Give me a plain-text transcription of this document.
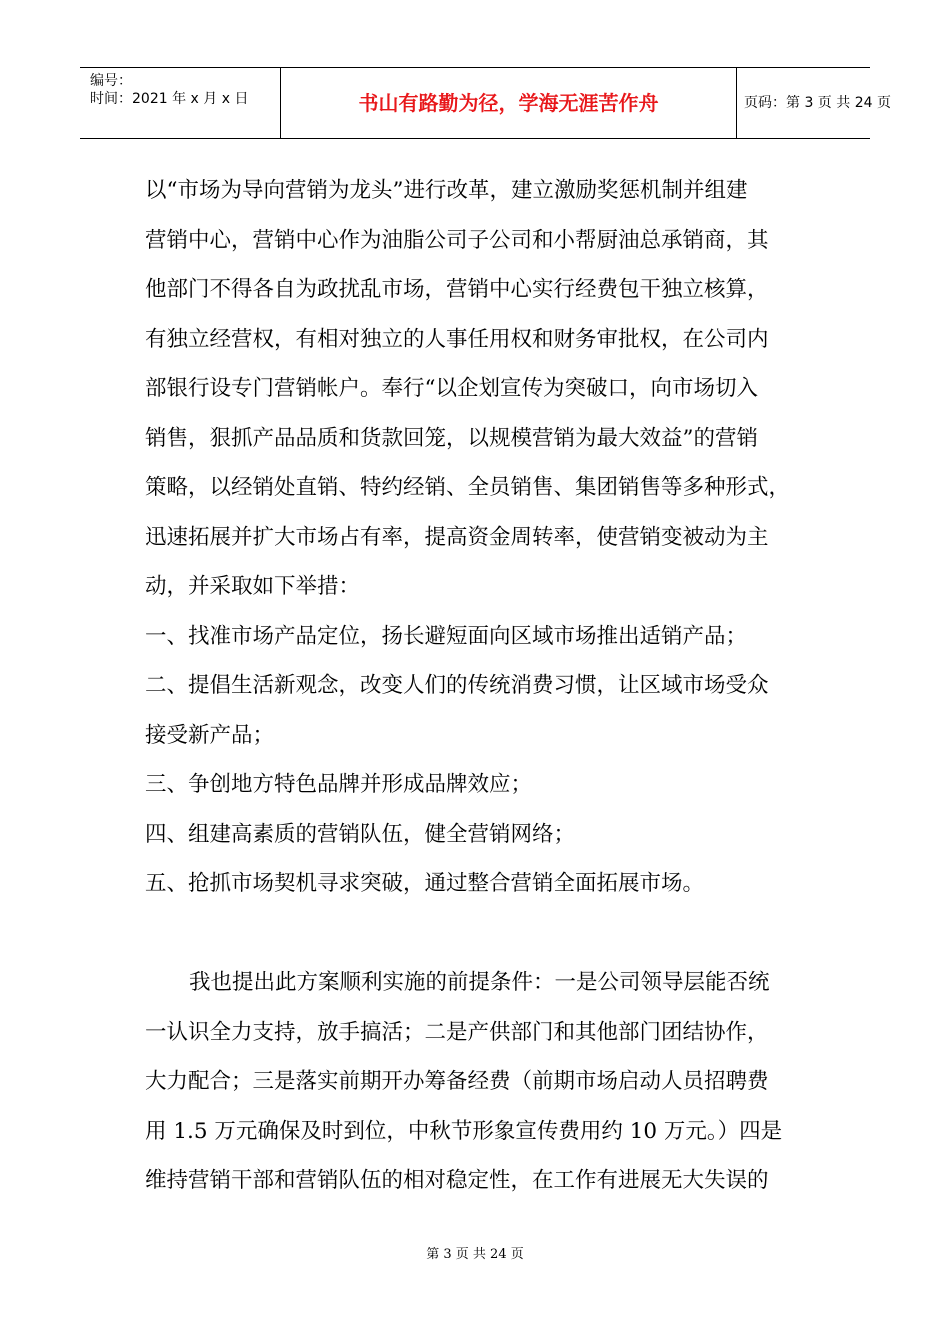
编号：
时间：2021 年 x 月 x 日	书山有路勤为径，学海无涯苦作舟	页码：第 3 页 共 24 页
以“市场为导向营销为龙头”进行改革，建立激励奖惩机制并组建
营销中心，营销中心作为油脂公司子公司和小帮厨油总承销商，其
他部门不得各自为政扰乱市场，营销中心实行经费包干独立核算，
有独立经营权，有相对独立的人事任用权和财务审批权，在公司内
部银行设专门营销帐户。奉行“以企划宣传为突破口，向市场切入
销售，狠抓产品品质和货款回笼，以规模营销为最大效益”的营销
策略，以经销处直销、特约经销、全员销售、集团销售等多种形式，
迅速拓展并扩大市场占有率，提高资金周转率，使营销变被动为主
动，并采取如下举措：
一、找准市场产品定位，扬长避短面向区域市场推出适销产品；
二、提倡生活新观念，改变人们的传统消费习惯，让区域市场受众
接受新产品；
三、争创地方特色品牌并形成品牌效应；
四、组建高素质的营销队伍，健全营销网络；
五、抢抓市场契机寻求突破，通过整合营销全面拓展市场。
我也提出此方案顺利实施的前提条件：一是公司领导层能否统
一认识全力支持，放手搞活；二是产供部门和其他部门团结协作，
大力配合；三是落实前期开办筹备经费（前期市场启动人员招聘费
用 1.5 万元确保及时到位，中秋节形象宣传费用约 10 万元。）四是
维持营销干部和营销队伍的相对稳定性，在工作有进展无大失误的
第 3 页 共 24 页
